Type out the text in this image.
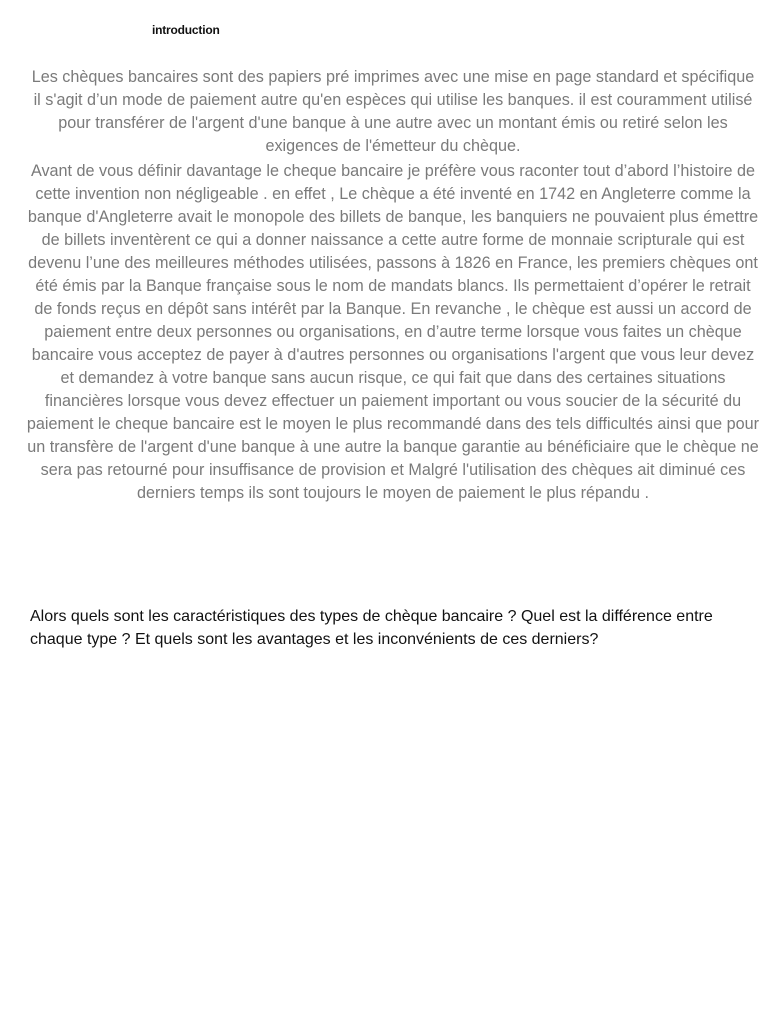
introduction

Les chèques bancaires sont des papiers pré imprimes avec une mise en page standard et spécifique il s'agit d’un mode de paiement autre qu'en espèces qui utilise les banques. il est couramment utilisé pour transférer de l'argent d'une banque à une autre avec un montant émis ou retiré selon les exigences de l'émetteur du chèque.

Avant de vous définir davantage le cheque bancaire je préfère vous raconter tout d’abord l’histoire de cette invention non négligeable . en effet , Le chèque a été inventé en 1742 en Angleterre comme la banque d'Angleterre avait le monopole des billets de banque, les banquiers ne pouvaient plus émettre de billets inventèrent ce qui a donner naissance a cette autre forme de monnaie scripturale qui est devenu l’une des meilleures méthodes utilisées, passons à 1826 en France, les premiers chèques ont été émis par la Banque française sous le nom de mandats blancs. Ils permettaient d’opérer le retrait de fonds reçus en dépôt sans intérêt par la Banque. En revanche , le chèque est aussi un accord de paiement entre deux personnes ou organisations, en d’autre terme lorsque vous faites un chèque bancaire vous acceptez de payer à d'autres personnes ou organisations l'argent que vous leur devez et demandez à votre banque sans aucun risque, ce qui fait que dans des certaines situations financières lorsque vous devez effectuer un paiement important ou vous soucier de la sécurité du paiement le cheque bancaire est le moyen le plus recommandé dans des tels difficultés ainsi que pour un transfère de l'argent d'une banque à une autre la banque garantie au bénéficiaire que le chèque ne sera pas retourné pour insuffisance de provision et Malgré l'utilisation des chèques ait diminué ces derniers temps ils sont toujours le moyen de paiement le plus répandu .

Alors quels sont les caractéristiques des types de chèque bancaire ? Quel est la différence entre chaque type ? Et quels sont les avantages et les inconvénients de ces derniers?
